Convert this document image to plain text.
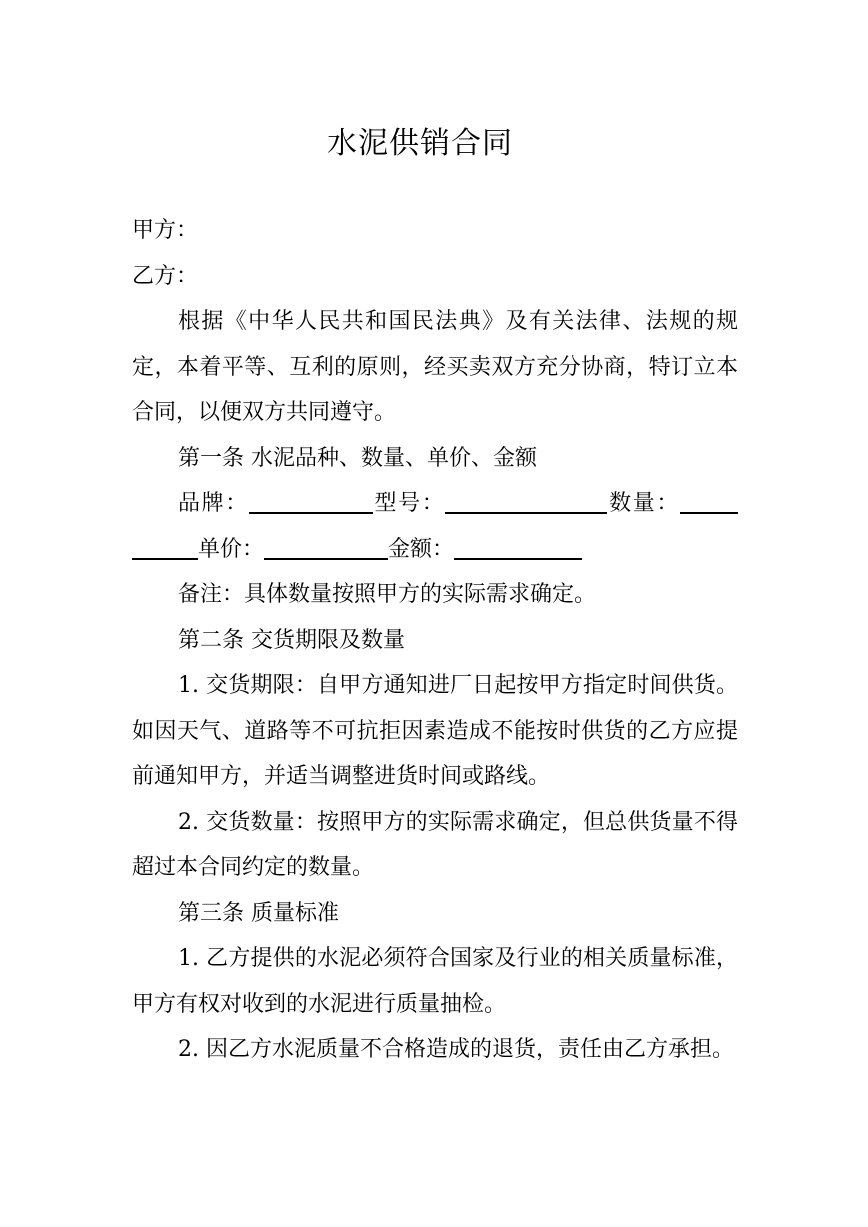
水泥供销合同

甲方：

乙方：

根据《中华人民共和国民法典》及有关法律、法规的规定，本着平等、互利的原则，经买卖双方充分协商，特订立本合同，以便双方共同遵守。

第一条 水泥品种、数量、单价、金额

品牌：	型号：	数量：单价：	金额：

备注：具体数量按照甲方的实际需求确定。

第二条 交货期限及数量

1. 交货期限：自甲方通知进厂日起按甲方指定时间供货。如因天气、道路等不可抗拒因素造成不能按时供货的乙方应提前通知甲方，并适当调整进货时间或路线。

2. 交货数量：按照甲方的实际需求确定，但总供货量不得超过本合同约定的数量。

第三条 质量标准

1. 乙方提供的水泥必须符合国家及行业的相关质量标准，甲方有权对收到的水泥进行质量抽检。

2. 因乙方水泥质量不合格造成的退货，责任由乙方承担。
